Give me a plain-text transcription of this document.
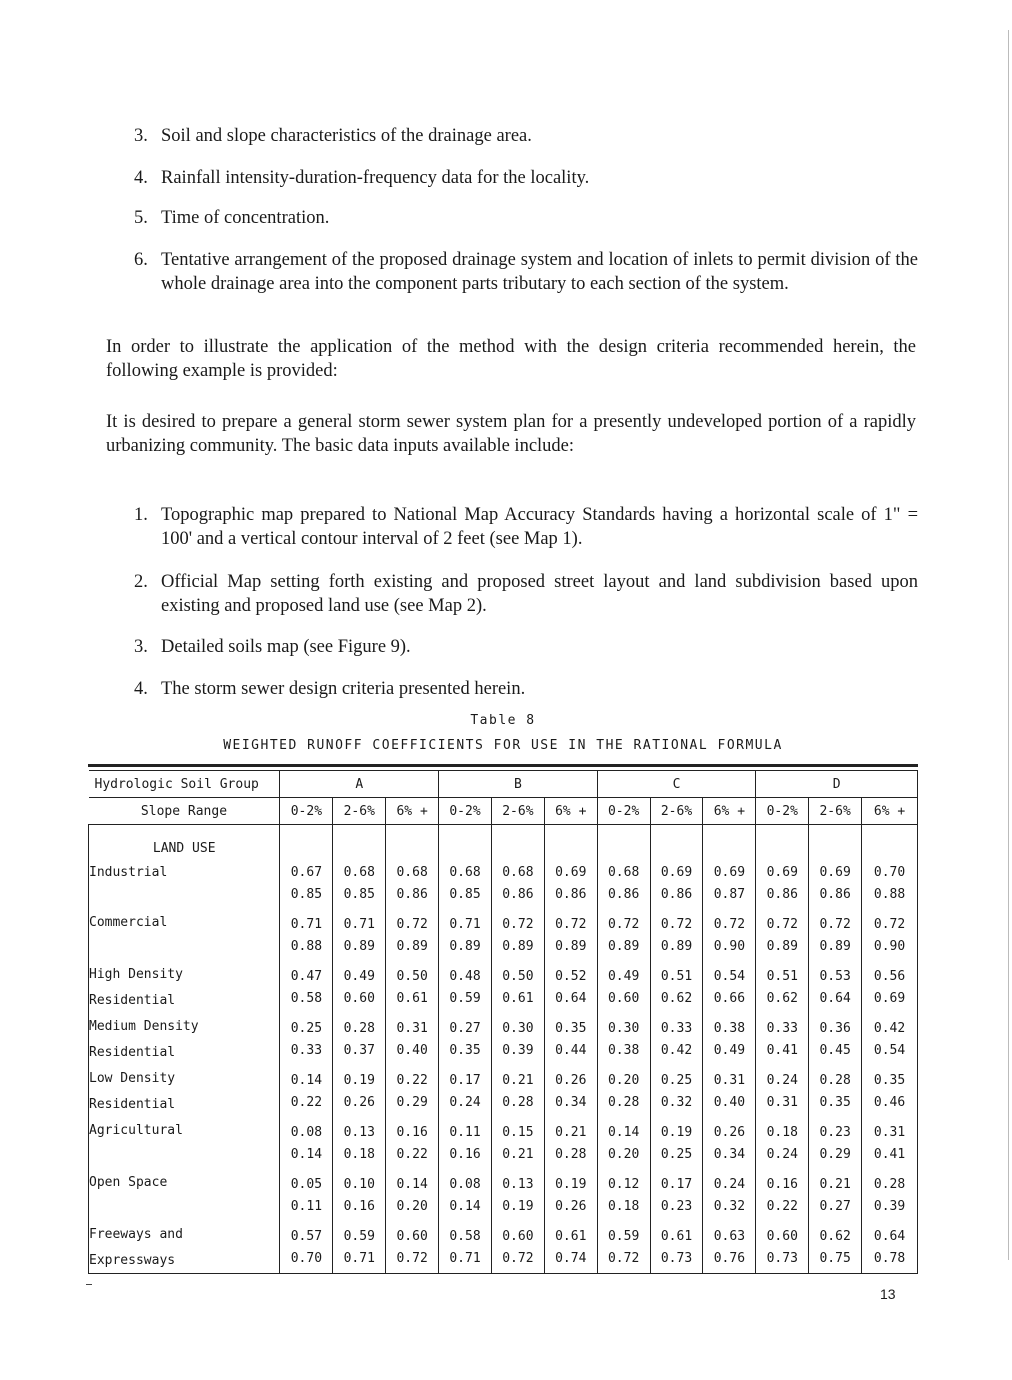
3. Soil and slope characteristics of the drainage area.
4. Rainfall intensity-duration-frequency data for the locality.
5. Time of concentration.
6. Tentative arrangement of the proposed drainage system and location of inlets to permit division of the whole drainage area into the component parts tributary to each section of the system.
In order to illustrate the application of the method with the design criteria recommended herein, the following example is provided:
It is desired to prepare a general storm sewer system plan for a presently undeveloped portion of a rapidly urbanizing community. The basic data inputs available include:
1. Topographic map prepared to National Map Accuracy Standards having a horizontal scale of 1" = 100' and a vertical contour interval of 2 feet (see Map 1).
2. Official Map setting forth existing and proposed street layout and land subdivision based upon existing and proposed land use (see Map 2).
3. Detailed soils map (see Figure 9).
4. The storm sewer design criteria presented herein.
Table 8
WEIGHTED RUNOFF COEFFICIENTS FOR USE IN THE RATIONAL FORMULA
Hydrologic Soil Group	A			B			C			D		
Slope Range	0-2%	2-6%	6% +	0-2%	2-6%	6% +	0-2%	2-6%	6% +	0-2%	2-6%	6% +
LAND USE												
Industrial	0.67	0.68	0.68	0.68	0.68	0.69	0.68	0.69	0.69	0.69	0.69	0.70
	0.85	0.85	0.86	0.85	0.86	0.86	0.86	0.86	0.87	0.86	0.86	0.88
Commercial	0.71	0.71	0.72	0.71	0.72	0.72	0.72	0.72	0.72	0.72	0.72	0.72
	0.88	0.89	0.89	0.89	0.89	0.89	0.89	0.89	0.90	0.89	0.89	0.90
High Density	0.47	0.49	0.50	0.48	0.50	0.52	0.49	0.51	0.54	0.51	0.53	0.56
Residential	0.58	0.60	0.61	0.59	0.61	0.64	0.60	0.62	0.66	0.62	0.64	0.69
Medium Density	0.25	0.28	0.31	0.27	0.30	0.35	0.30	0.33	0.38	0.33	0.36	0.42
Residential	0.33	0.37	0.40	0.35	0.39	0.44	0.38	0.42	0.49	0.41	0.45	0.54
Low Density	0.14	0.19	0.22	0.17	0.21	0.26	0.20	0.25	0.31	0.24	0.28	0.35
Residential	0.22	0.26	0.29	0.24	0.28	0.34	0.28	0.32	0.40	0.31	0.35	0.46
Agricultural	0.08	0.13	0.16	0.11	0.15	0.21	0.14	0.19	0.26	0.18	0.23	0.31
	0.14	0.18	0.22	0.16	0.21	0.28	0.20	0.25	0.34	0.24	0.29	0.41
Open Space	0.05	0.10	0.14	0.08	0.13	0.19	0.12	0.17	0.24	0.16	0.21	0.28
	0.11	0.16	0.20	0.14	0.19	0.26	0.18	0.23	0.32	0.22	0.27	0.39
Freeways and	0.57	0.59	0.60	0.58	0.60	0.61	0.59	0.61	0.63	0.60	0.62	0.64
Expressways	0.70	0.71	0.72	0.71	0.72	0.74	0.72	0.73	0.76	0.73	0.75	0.78
13
